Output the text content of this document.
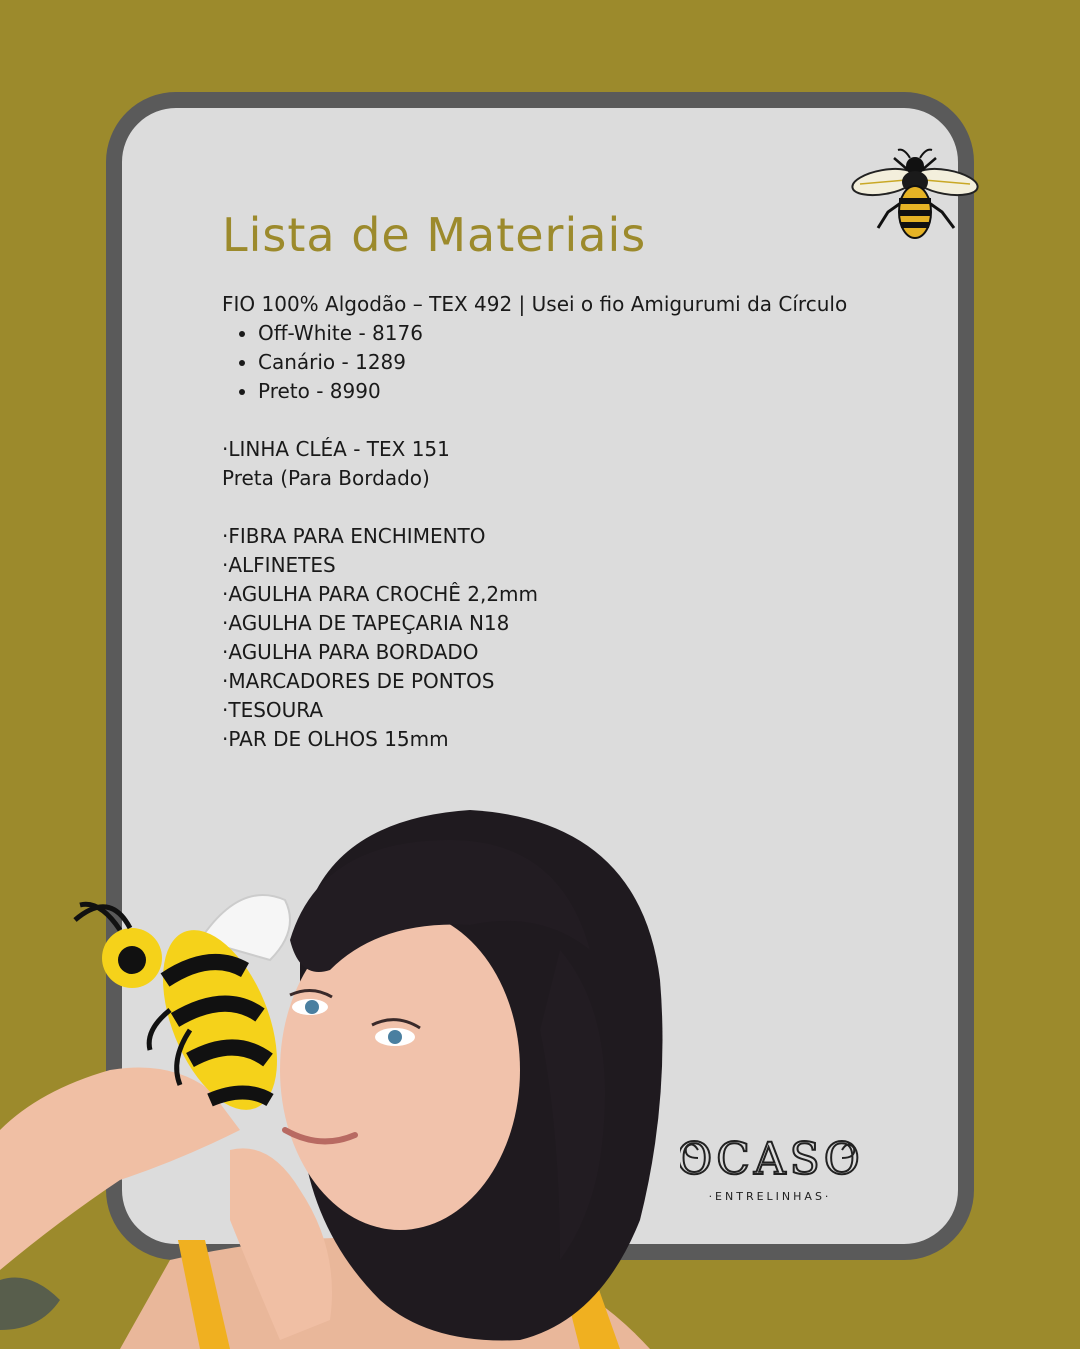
Lista de Materiais

FIO 100% Algodão – TEX 492 | Usei o fio Amigurumi da Círculo

• Off-White - 8176
• Canário - 1289
• Preto - 8990

·LINHA CLÉA - TEX 151

Preta (Para Bordado)

·FIBRA PARA ENCHIMENTO

·ALFINETES

·AGULHA PARA CROCHÊ 2,2mm

·AGULHA DE TAPEÇARIA N18

·AGULHA PARA BORDADO

·MARCADORES DE PONTOS

·TESOURA

·PAR DE OLHOS 15mm

OCASO
·ENTRELINHAS·
